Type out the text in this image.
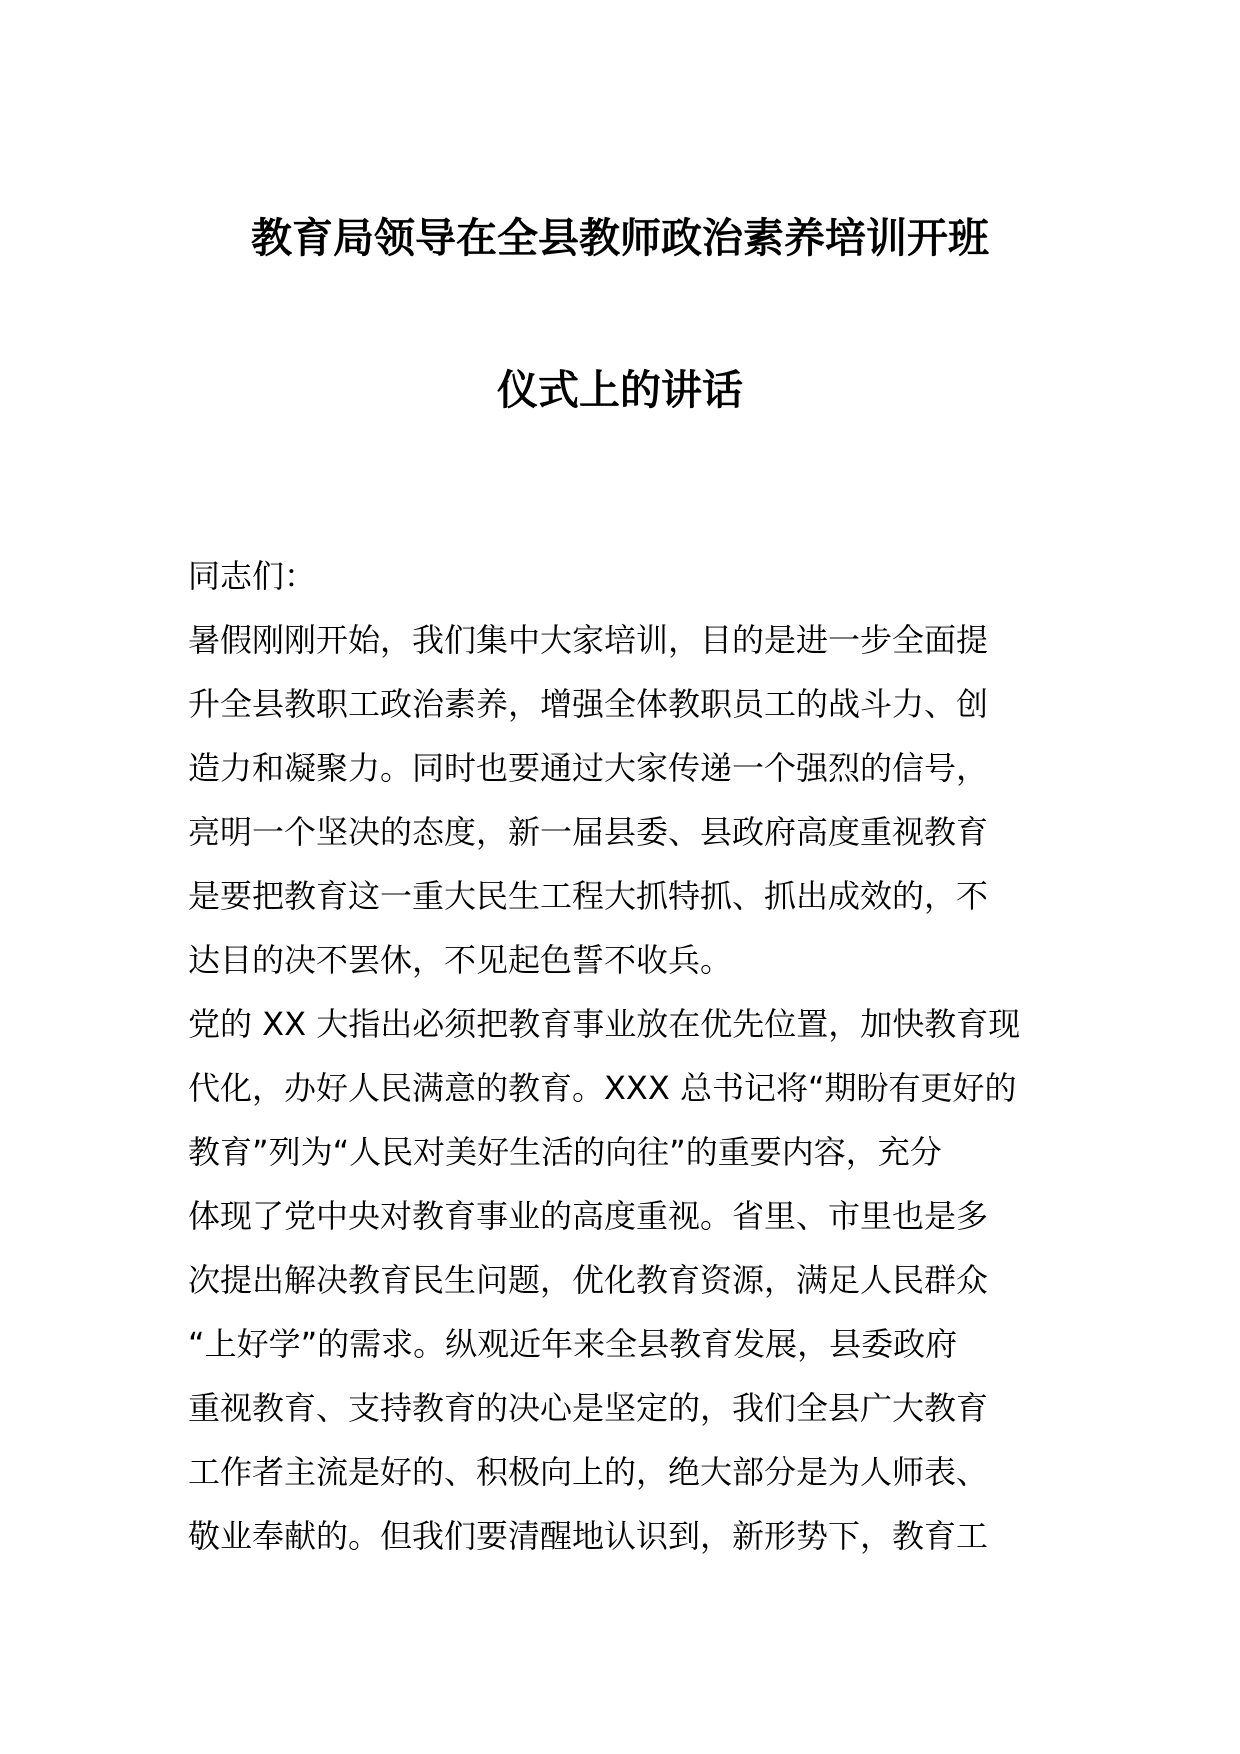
教育局领导在全县教师政治素养培训开班
仪式上的讲话
同志们：
暑假刚刚开始，我们集中大家培训，目的是进一步全面提
升全县教职工政治素养，增强全体教职员工的战斗力、创
造力和凝聚力。同时也要通过大家传递一个强烈的信号，
亮明一个坚决的态度，新一届县委、县政府高度重视教育
是要把教育这一重大民生工程大抓特抓、抓出成效的，不
达目的决不罢休，不见起色誓不收兵。
党的 XX 大指出必须把教育事业放在优先位置，加快教育现
代化，办好人民满意的教育。XXX 总书记将“期盼有更好的
教育”列为“人民对美好生活的向往”的重要内容，充分
体现了党中央对教育事业的高度重视。省里、市里也是多
次提出解决教育民生问题，优化教育资源，满足人民群众
“上好学”的需求。纵观近年来全县教育发展，县委政府
重视教育、支持教育的决心是坚定的，我们全县广大教育
工作者主流是好的、积极向上的，绝大部分是为人师表、
敬业奉献的。但我们要清醒地认识到，新形势下，教育工
